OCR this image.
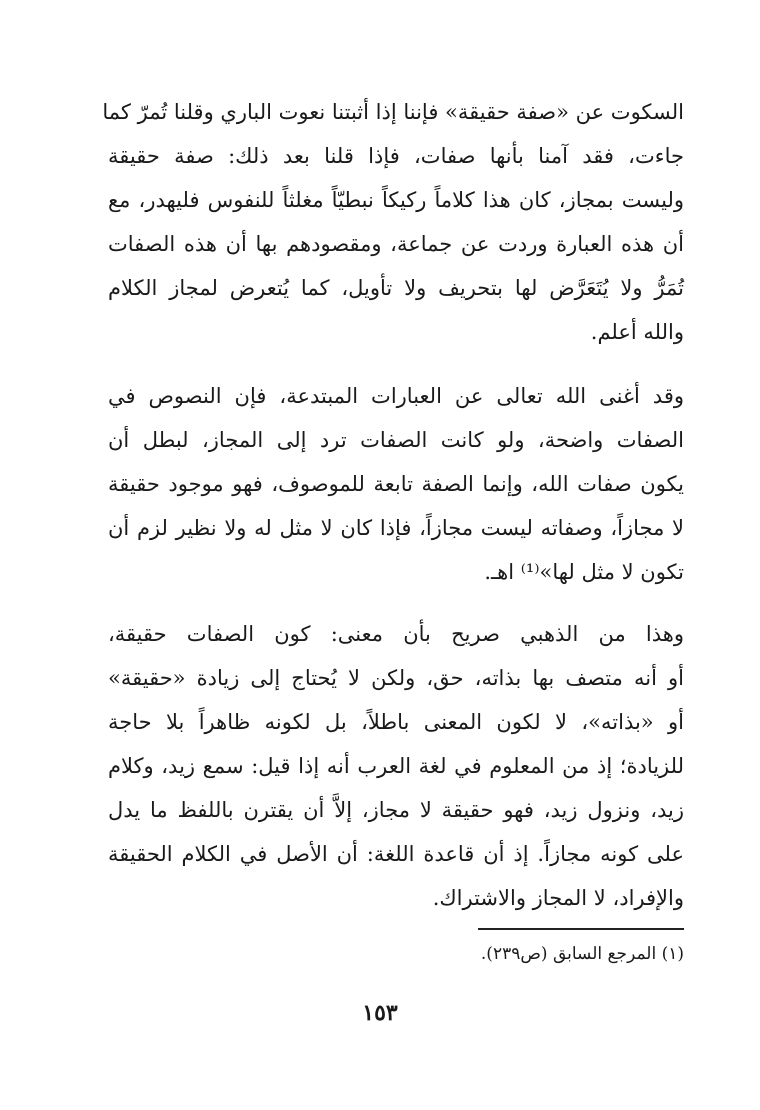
السكوت عن «صفة حقيقة» فإننا إذا أثبتنا نعوت الباري وقلنا تُمرّ كما
جاءت، فقد آمنا بأنها صفات، فإذا قلنا بعد ذلك: صفة حقيقة
وليست بمجاز، كان هذا كلاماً ركيكاً نبطيّاً مغلثاً للنفوس فليهدر، مع
أن هذه العبارة وردت عن جماعة، ومقصودهم بها أن هذه الصفات
تُمَرُّ ولا يُتَعَرَّض لها بتحريف ولا تأويل، كما يُتعرض لمجاز الكلام
والله أعلم.
وقد أغنى الله تعالى عن العبارات المبتدعة، فإن النصوص في
الصفات واضحة، ولو كانت الصفات ترد إلى المجاز، لبطل أن
يكون صفات الله، وإنما الصفة تابعة للموصوف، فهو موجود حقيقة
لا مجازاً، وصفاته ليست مجازاً، فإذا كان لا مثل له ولا نظير لزم أن
تكون لا مثل لها»⁽¹⁾ اهـ.
وهذا من الذهبي صريح بأن معنى: كون الصفات حقيقة،
أو أنه متصف بها بذاته، حق، ولكن لا يُحتاج إلى زيادة «حقيقة»
أو «بذاته»، لا لكون المعنى باطلاً، بل لكونه ظاهراً بلا حاجة
للزيادة؛ إذ من المعلوم في لغة العرب أنه إذا قيل: سمع زيد، وكلام
زيد، ونزول زيد، فهو حقيقة لا مجاز، إلاَّ أن يقترن باللفظ ما يدل
على كونه مجازاً. إذ أن قاعدة اللغة: أن الأصل في الكلام الحقيقة
والإفراد، لا المجاز والاشتراك.
(١) المرجع السابق (ص٢٣٩).
١٥٣
